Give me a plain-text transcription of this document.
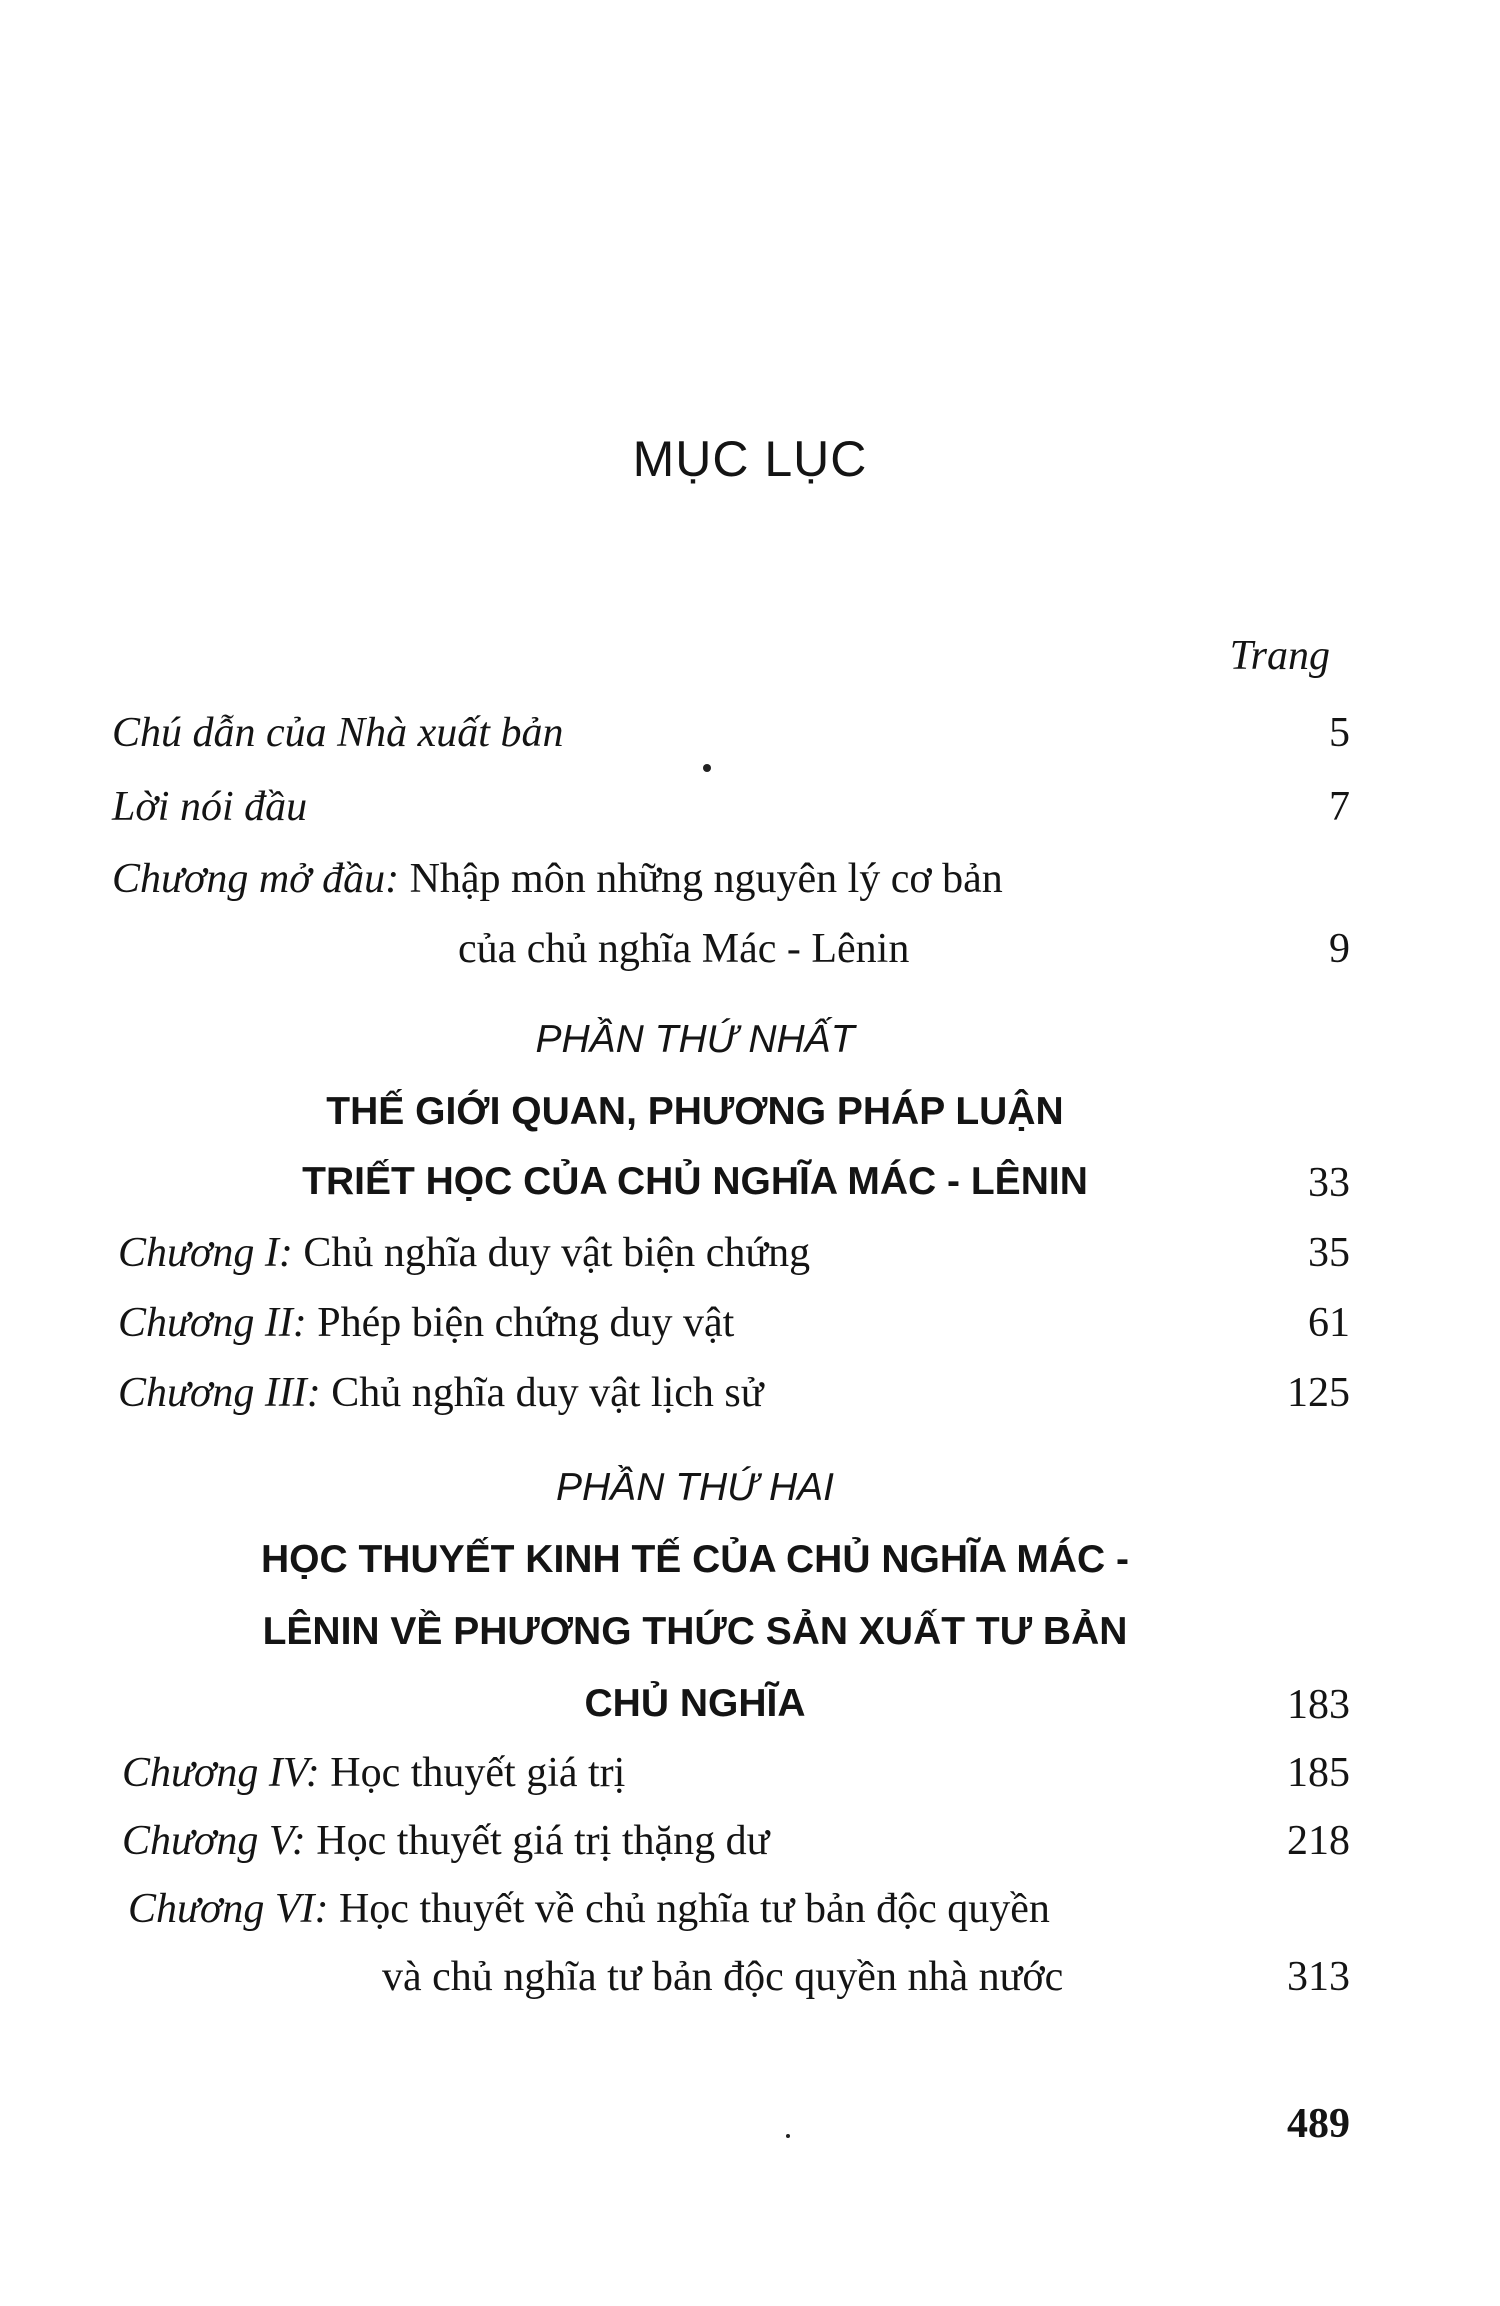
MỤC LỤC
Trang
Chú dẫn của Nhà xuất bản	5
Lời nói đầu	7
Chương mở đầu: Nhập môn những nguyên lý cơ bản
của chủ nghĩa Mác - Lênin	9
PHẦN THỨ NHẤT
THẾ GIỚI QUAN, PHƯƠNG PHÁP LUẬN
TRIẾT HỌC CỦA CHỦ NGHĨA MÁC - LÊNIN	33
Chương I: Chủ nghĩa duy vật biện chứng	35
Chương II: Phép biện chứng duy vật	61
Chương III: Chủ nghĩa duy vật lịch sử	125
PHẦN THỨ HAI
HỌC THUYẾT KINH TẾ CỦA CHỦ NGHĨA MÁC -
LÊNIN VỀ PHƯƠNG THỨC SẢN XUẤT TƯ BẢN
CHỦ NGHĨA	183
Chương IV: Học thuyết giá trị	185
Chương V: Học thuyết giá trị thặng dư	218
Chương VI: Học thuyết về chủ nghĩa tư bản độc quyền
và chủ nghĩa tư bản độc quyền nhà nước	313
489
